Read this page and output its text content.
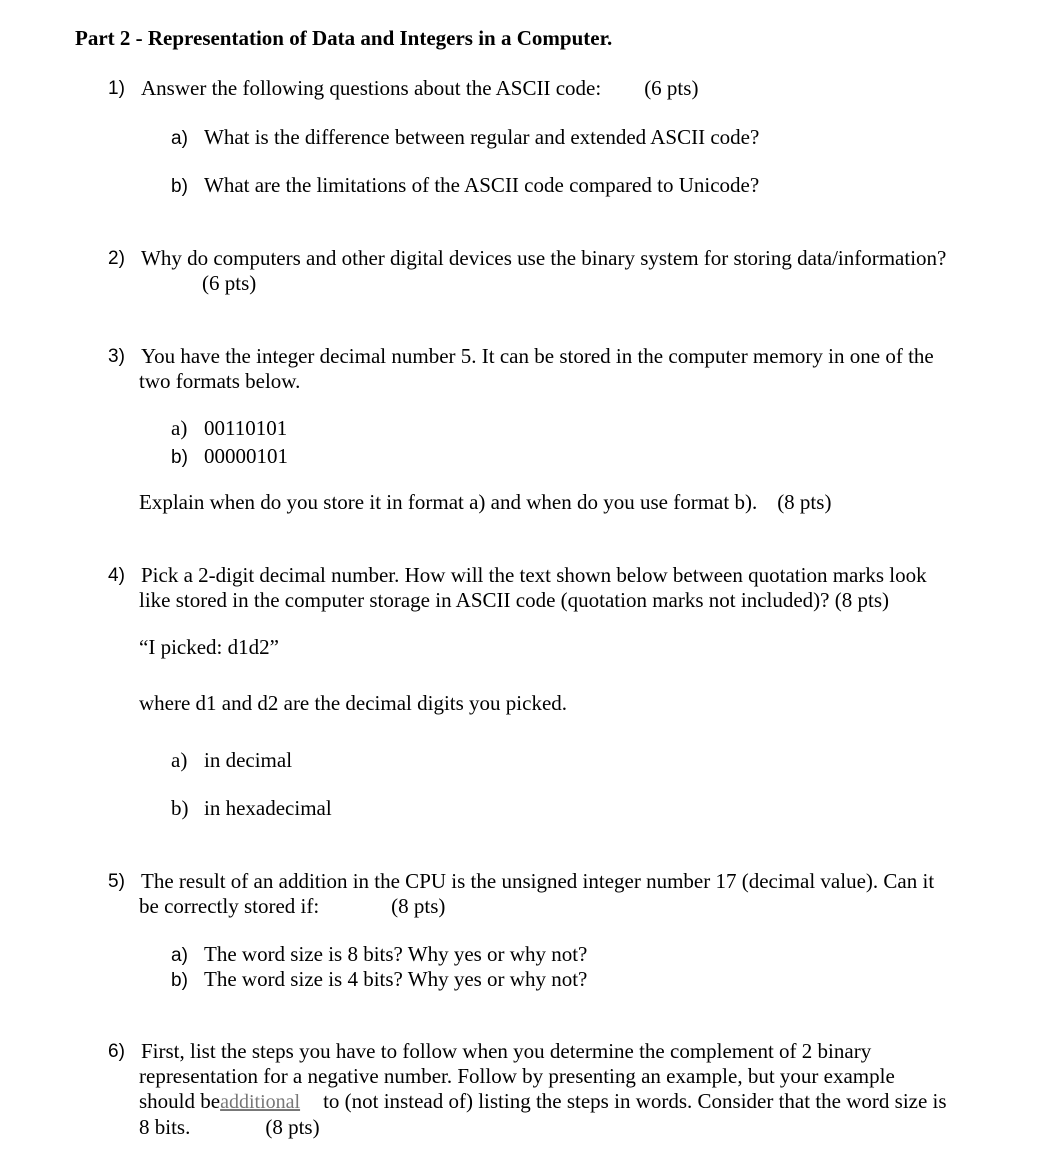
Part 2 - Representation of Data and Integers in a Computer.
1) Answer the following questions about the ASCII code: (6 pts)
a) What is the difference between regular and extended ASCII code?
b) What are the limitations of the ASCII code compared to Unicode?
2) Why do computers and other digital devices use the binary system for storing data/information?
(6 pts)
3) You have the integer decimal number 5. It can be stored in the computer memory in one of the
two formats below.
a) 00110101
b) 00000101
Explain when do you store it in format a) and when do you use format b). (8 pts)
4) Pick a 2-digit decimal number. How will the text shown below between quotation marks look
like stored in the computer storage in ASCII code (quotation marks not included)? (8 pts)
“I picked: d1d2”
where d1 and d2 are the decimal digits you picked.
a) in decimal
b) in hexadecimal
5) The result of an addition in the CPU is the unsigned integer number 17 (decimal value). Can it
be correctly stored if:	(8 pts)
a) The word size is 8 bits? Why yes or why not?
b) The word size is 4 bits? Why yes or why not?
6) First, list the steps you have to follow when you determine the complement of 2 binary
representation for a negative number. Follow by presenting an example, but your example
should beadditional to (not instead of) listing the steps in words. Consider that the word size is
8 bits.	(8 pts)
